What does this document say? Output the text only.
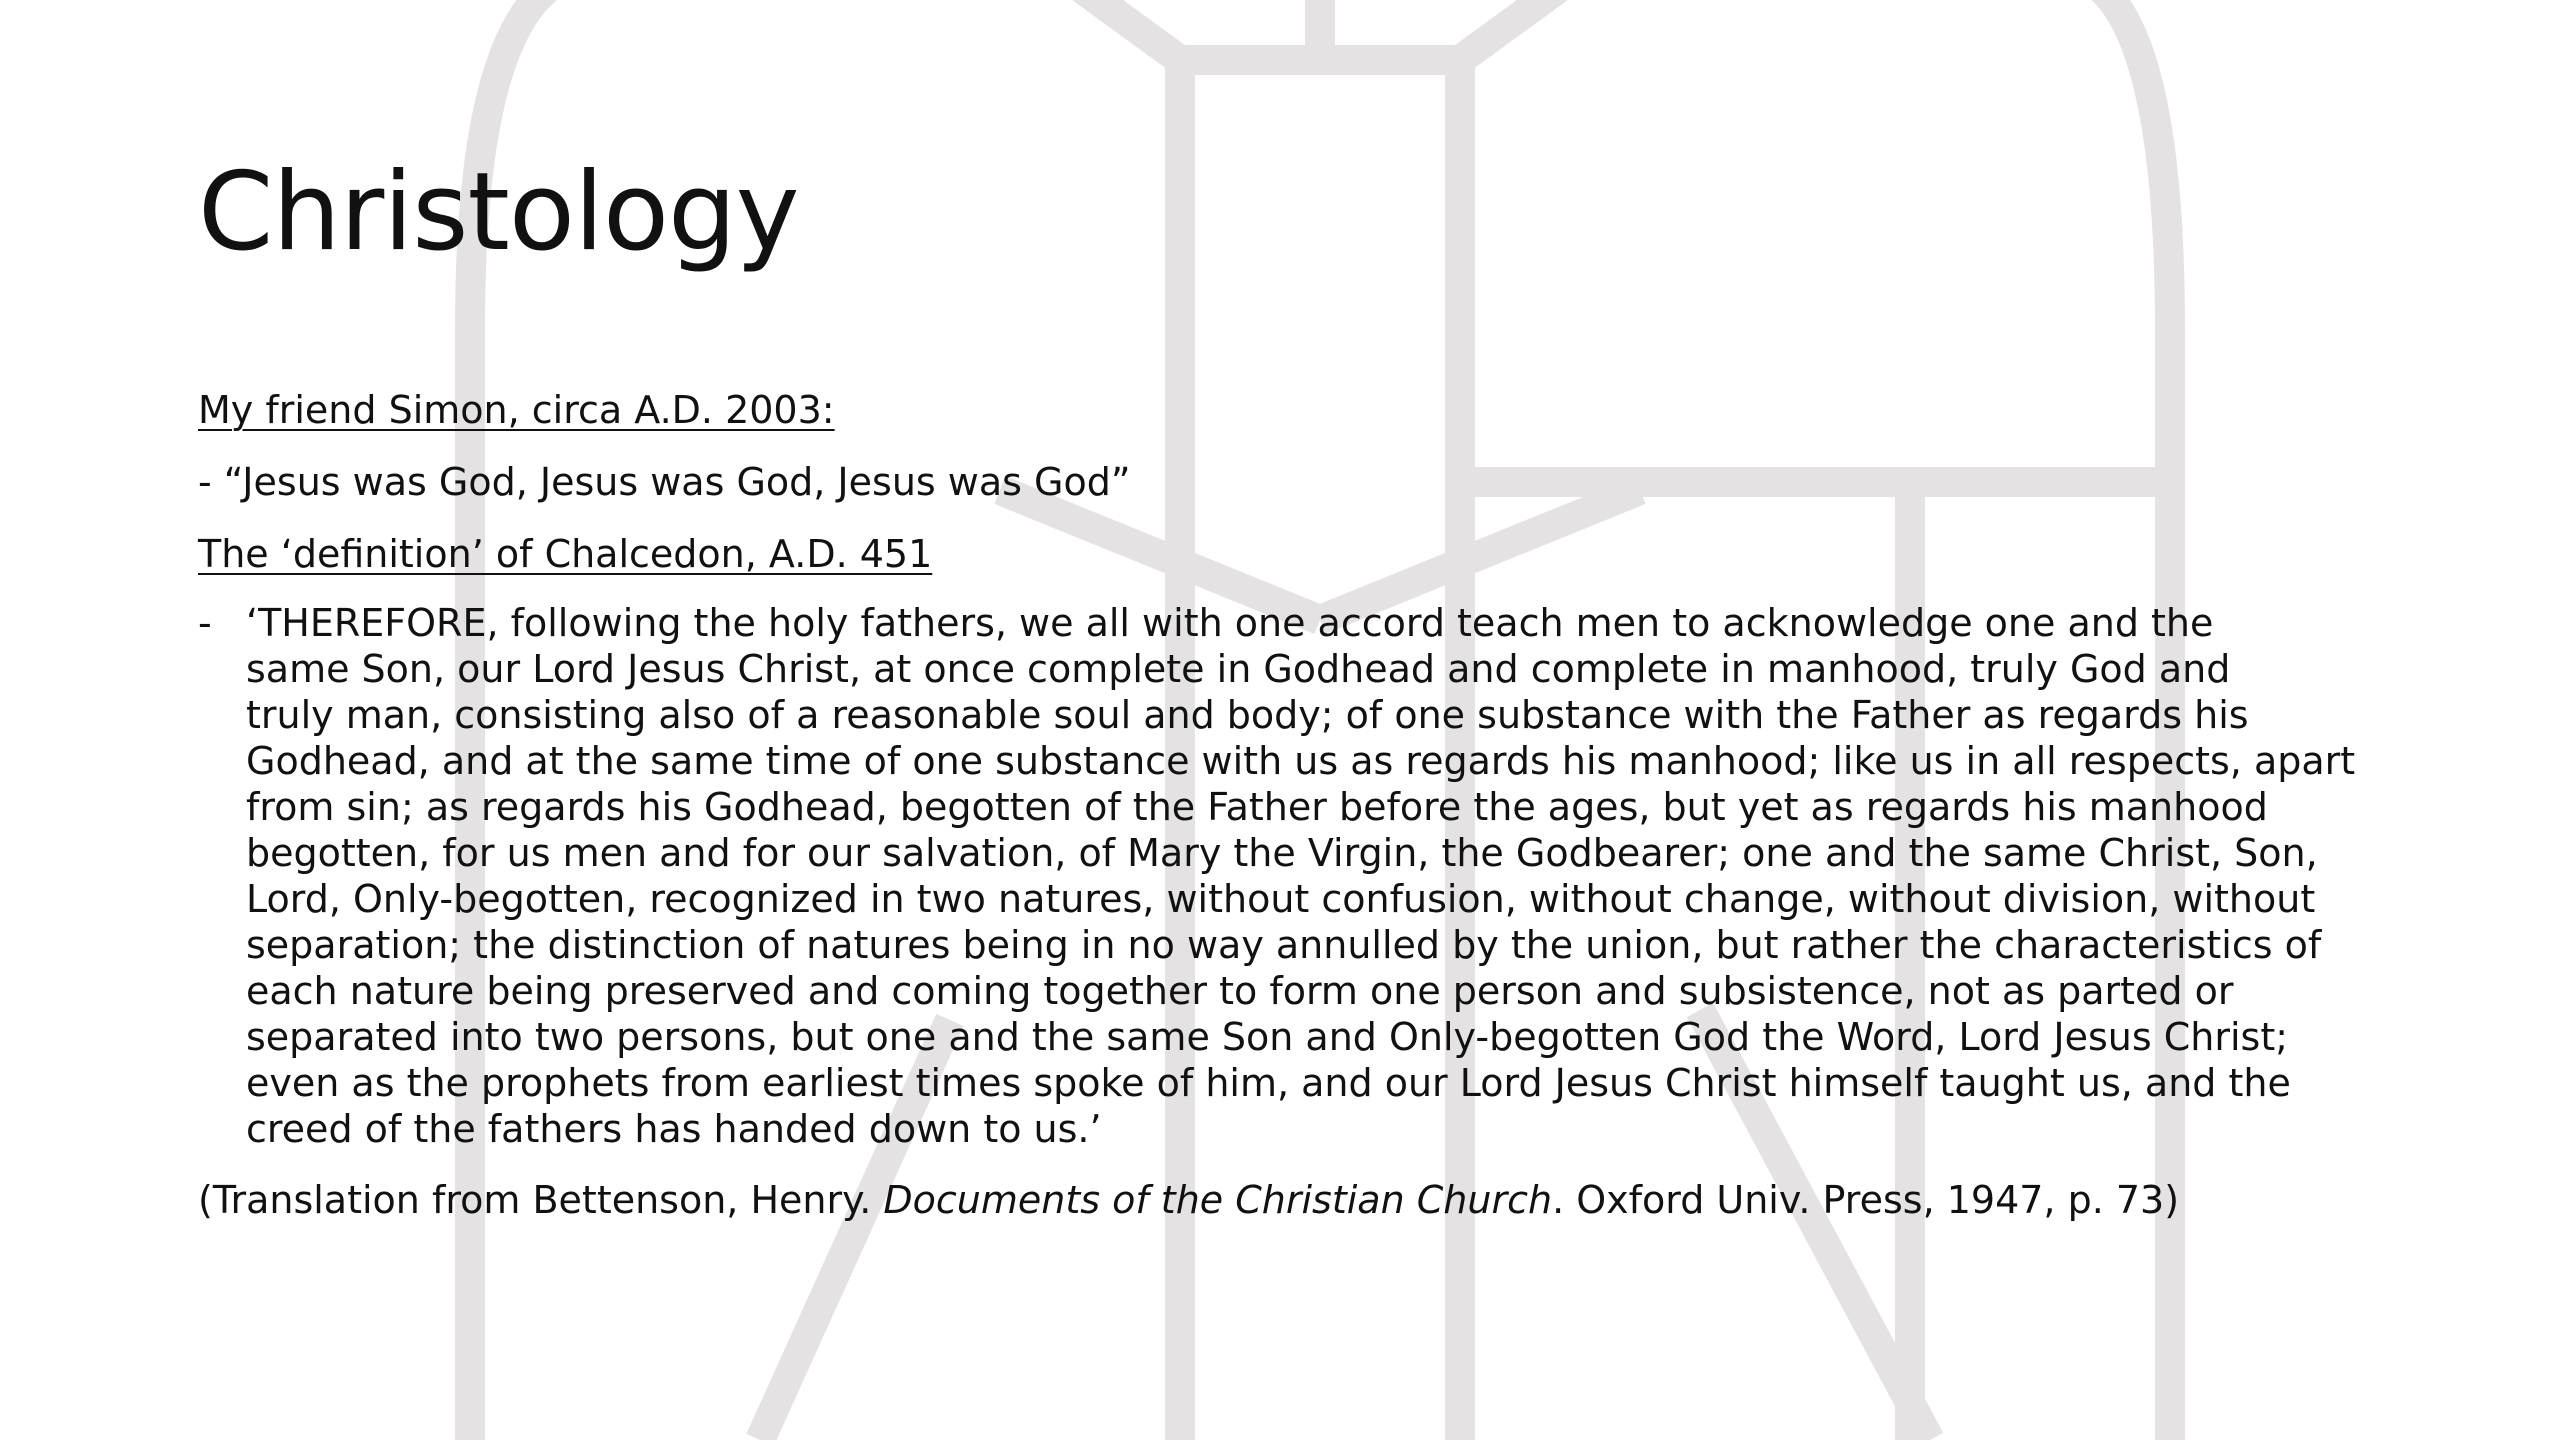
Christology

My friend Simon, circa A.D. 2003:

- “Jesus was God, Jesus was God, Jesus was God”

The ‘definition’ of Chalcedon, A.D. 451

- ‘THEREFORE, following the holy fathers, we all with one accord teach men to acknowledge one and the
same Son, our Lord Jesus Christ, at once complete in Godhead and complete in manhood, truly God and
truly man, consisting also of a reasonable soul and body; of one substance with the Father as regards his
Godhead, and at the same time of one substance with us as regards his manhood; like us in all respects, apart
from sin; as regards his Godhead, begotten of the Father before the ages, but yet as regards his manhood
begotten, for us men and for our salvation, of Mary the Virgin, the Godbearer; one and the same Christ, Son,
Lord, Only-begotten, recognized in two natures, without confusion, without change, without division, without
separation; the distinction of natures being in no way annulled by the union, but rather the characteristics of
each nature being preserved and coming together to form one person and subsistence, not as parted or
separated into two persons, but one and the same Son and Only-begotten God the Word, Lord Jesus Christ;
even as the prophets from earliest times spoke of him, and our Lord Jesus Christ himself taught us, and the
creed of the fathers has handed down to us.’
(Translation from Bettenson, Henry. Documents of the Christian Church. Oxford Univ. Press, 1947, p. 73)
